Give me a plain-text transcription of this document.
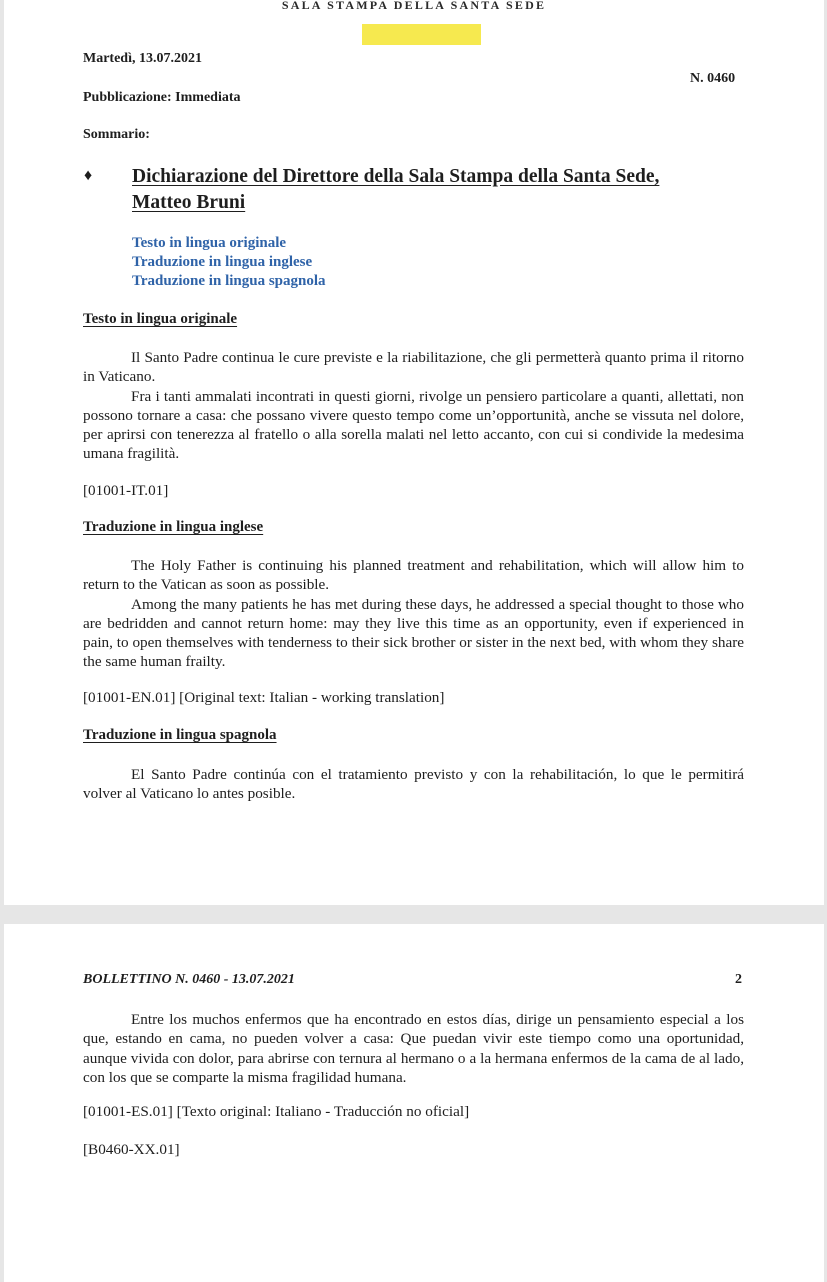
SALA STAMPA DELLA SANTA SEDE
Martedì, 13.07.2021
N. 0460
Pubblicazione: Immediata
Sommario:
♦ Dichiarazione del Direttore della Sala Stampa della Santa Sede,
Matteo Bruni
Testo in lingua originale
Traduzione in lingua inglese
Traduzione in lingua spagnola
Testo in lingua originale

Il Santo Padre continua le cure previste e la riabilitazione, che gli permetterà quanto prima il ritorno in Vaticano.

Fra i tanti ammalati incontrati in questi giorni, rivolge un pensiero particolare a quanti, allettati, non possono tornare a casa: che possano vivere questo tempo come un’opportunità, anche se vissuta nel dolore, per aprirsi con tenerezza al fratello o alla sorella malati nel letto accanto, con cui si condivide la medesima umana fragilità.

[01001-IT.01]
Traduzione in lingua inglese

The Holy Father is continuing his planned treatment and rehabilitation, which will allow him to return to the Vatican as soon as possible.

Among the many patients he has met during these days, he addressed a special thought to those who are bedridden and cannot return home: may they live this time as an opportunity, even if experienced in pain, to open themselves with tenderness to their sick brother or sister in the next bed, with whom they share the same human frailty.

[01001-EN.01] [Original text: Italian - working translation]
Traduzione in lingua spagnola

El Santo Padre continúa con el tratamiento previsto y con la rehabilitación, lo que le permitirá volver al Vaticano lo antes posible.

BOLLETTINO N. 0460 - 13.07.2021	2

Entre los muchos enfermos que ha encontrado en estos días, dirige un pensamiento especial a los que, estando en cama, no pueden volver a casa: Que puedan vivir este tiempo como una oportunidad, aunque vivida con dolor, para abrirse con ternura al hermano o a la hermana enfermos de la cama de al lado, con los que se comparte la misma fragilidad humana.

[01001-ES.01] [Texto original: Italiano - Traducción no oficial]
[B0460-XX.01]
